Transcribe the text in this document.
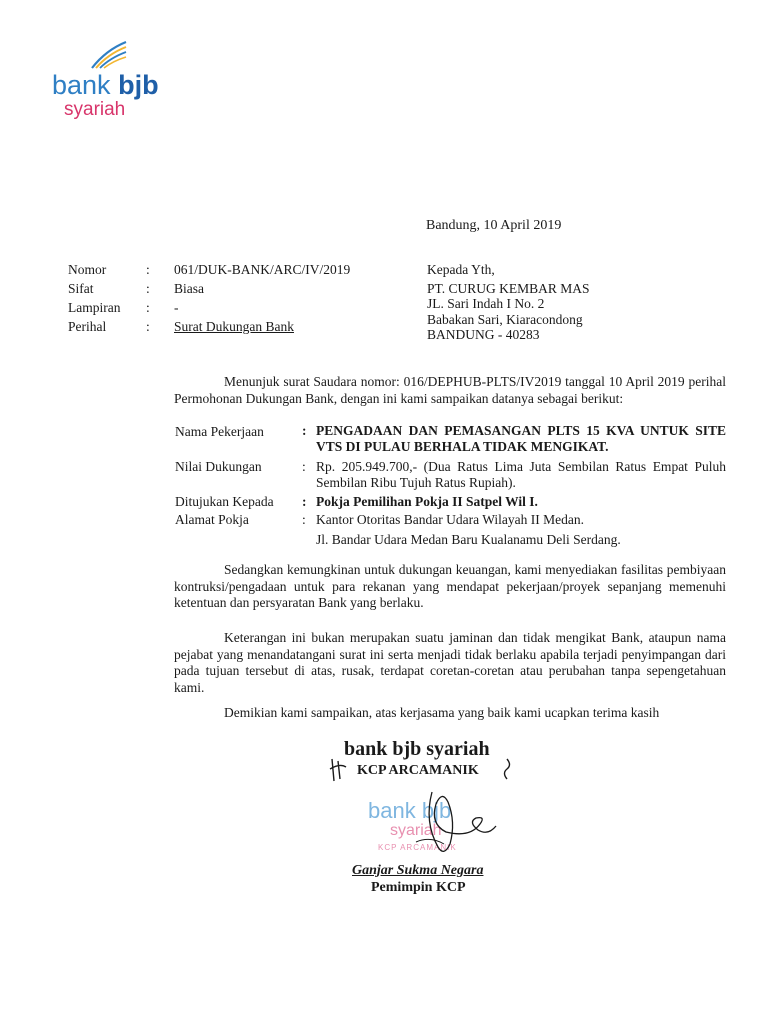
bank bjb
syariah
Bandung, 10 April 2019
Nomor	: 061/DUK-BANK/ARC/IV/2019
Sifat	: Biasa
Lampiran : -
Perihal	: Surat Dukungan Bank
Kepada Yth,
PT. CURUG KEMBAR MAS
JL. Sari Indah I No. 2
Babakan Sari, Kiaracondong
BANDUNG - 40283
Menunjuk surat Saudara nomor: 016/DEPHUB-PLTS/IV2019 tanggal 10 April 2019 perihal Permohonan Dukungan Bank, dengan ini kami sampaikan datanya sebagai berikut:
Nama Pekerjaan	: PENGADAAN DAN PEMASANGAN PLTS 15 KVA UNTUK SITE VTS DI PULAU BERHALA TIDAK MENGIKAT.
Nilai Dukungan	: Rp. 205.949.700,- (Dua Ratus Lima Juta Sembilan Ratus Empat Puluh Sembilan Ribu Tujuh Ratus Rupiah).
Ditujukan Kepada : Pokja Pemilihan Pokja II Satpel Wil I.
Alamat Pokja	: Kantor Otoritas Bandar Udara Wilayah II Medan.
Jl. Bandar Udara Medan Baru Kualanamu Deli Serdang.
Sedangkan kemungkinan untuk dukungan keuangan, kami menyediakan fasilitas pembiyaan kontruksi/pengadaan untuk para rekanan yang mendapat pekerjaan/proyek sepanjang memenuhi ketentuan dan persyaratan Bank yang berlaku.
Keterangan ini bukan merupakan suatu jaminan dan tidak mengikat Bank, ataupun nama pejabat yang menandatangani surat ini serta menjadi tidak berlaku apabila terjadi penyimpangan dari pada tujuan tersebut di atas, rusak, terdapat coretan-coretan atau perubahan tanpa sepengetahuan kami.
Demikian kami sampaikan, atas kerjasama yang baik kami ucapkan terima kasih
bank bjb syariah
KCP ARCAMANIK
bank bjb
syariah
KCP ARCAMANIK
Ganjar Sukma Negara
Pemimpin KCP
